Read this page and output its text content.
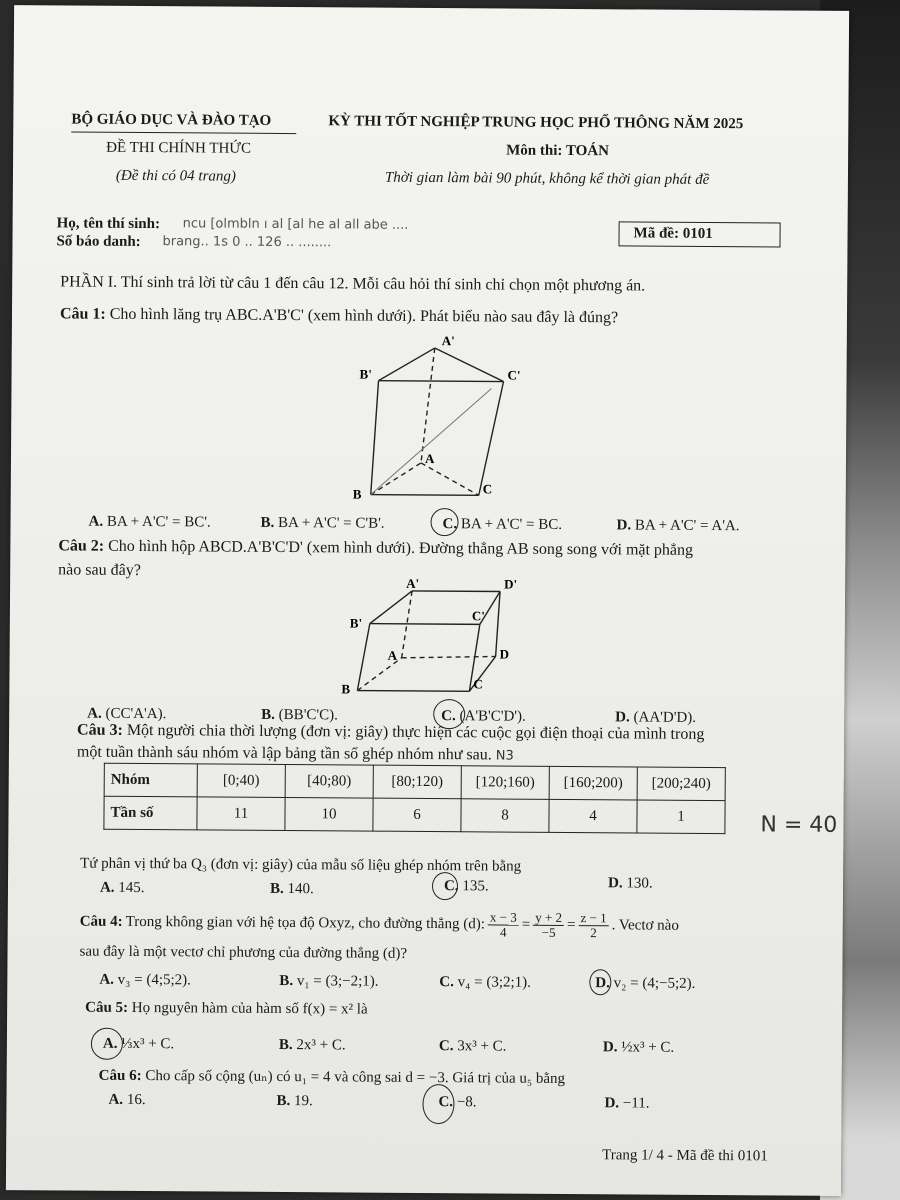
BỘ GIÁO DỤC VÀ ĐÀO TẠO	KỲ THI TỐT NGHIỆP TRUNG HỌC PHỔ THÔNG NĂM 2025
ĐỀ THI CHÍNH THỨC	Môn thi: TOÁN
(Đề thi có 04 trang)	Thời gian làm bài 90 phút, không kể thời gian phát đề
Họ, tên thí sinh: ncu [olmbln ı al [al he al all abe ....
Số báo danh: brang.. 1s 0 .. 126 .. ........
Mã đề: 0101
PHẦN I. Thí sinh trả lời từ câu 1 đến câu 12. Mỗi câu hỏi thí sinh chỉ chọn một phương án.
Câu 1: Cho hình lăng trụ ABC.A'B'C' (xem hình dưới). Phát biểu nào sau đây là đúng?
A'
B'	C'
A
B	C
A. BA + A'C' = BC'.	B. BA + A'C' = C'B'.	C. BA + A'C' = BC.	D. BA + A'C' = A'A.
Câu 2: Cho hình hộp ABCD.A'B'C'D' (xem hình dưới). Đường thẳng AB song song với mặt phẳng
nào sau đây?
A'	D'
B'	C'
A	D
B	C
A. (CC'A'A).	B. (BB'C'C).	C. (A'B'C'D').	D. (AA'D'D).
Câu 3: Một người chia thời lượng (đơn vị: giây) thực hiện các cuộc gọi điện thoại của mình trong
một tuần thành sáu nhóm và lập bảng tần số ghép nhóm như sau. N3
Nhóm	[0;40)	[40;80)	[80;120)	[120;160)	[160;200)	[200;240)
Tần số	11	10	6	8	4	1	N = 40
Tứ phân vị thứ ba Q₃ (đơn vị: giây) của mẫu số liệu ghép nhóm trên bằng
A. 145.	B. 140.	C. 135.	D. 130.
Câu 4: Trong không gian với hệ tọa độ Oxyz, cho đường thẳng (d): $\frac{x - 3}{4} = \frac{y + 2}{-5} = \frac{z - 1}{2}$ . Vectơ nào
sau đây là một vectơ chỉ phương của đường thẳng (d)?
A. v₃ = (4;5;2).	B. v₁ = (3;−2;1).	C. v₄ = (3;2;1).	D. v₂ = (4;−5;2).
Câu 5: Họ nguyên hàm của hàm số f(x) = x² là
A. ⅓x³ + C.	B. 2x³ + C.	C. 3x³ + C.	D. ½x³ + C.
Câu 6: Cho cấp số cộng (uₙ) có u₁ = 4 và công sai d = −3. Giá trị của u₅ bằng
A. 16.	B. 19.	C. −8.	D. −11.
Trang 1/ 4 - Mã đề thi 0101
